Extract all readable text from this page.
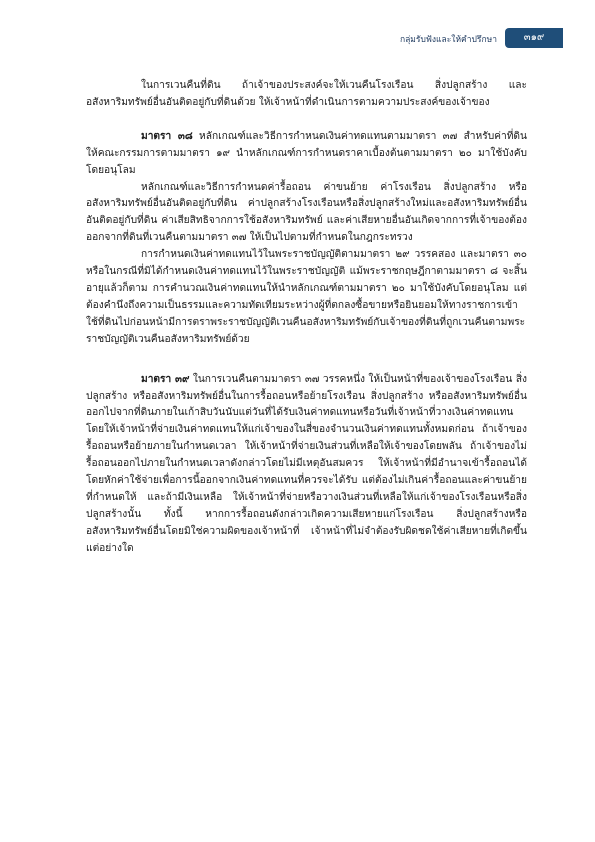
กลุ่มรับฟังและให้คำปรึกษา	๓๑๙

ในการเวนคืนที่ดิน ถ้าเจ้าของประสงค์จะให้เวนคืนโรงเรือน สิ่งปลูกสร้าง และอสังหาริมทรัพย์อื่นอันติดอยู่กับที่ดินด้วย ให้เจ้าหน้าที่ดำเนินการตามความประสงค์ของเจ้าของ

มาตรา ๓๘ หลักเกณฑ์และวิธีการกำหนดเงินค่าทดแทนตามมาตรา ๓๗ สำหรับค่าที่ดิน ให้คณะกรรมการตามมาตรา ๑๙ นำหลักเกณฑ์การกำหนดราคาเบื้องต้นตามมาตรา ๒๐ มาใช้บังคับโดยอนุโลม

หลักเกณฑ์และวิธีการกำหนดค่ารื้อถอน ค่าขนย้าย ค่าโรงเรือน สิ่งปลูกสร้าง หรืออสังหาริมทรัพย์อื่นอันติดอยู่กับที่ดิน ค่าปลูกสร้างโรงเรือนหรือสิ่งปลูกสร้างใหม่และอสังหาริมทรัพย์อื่นอันติดอยู่กับที่ดิน ค่าเสียสิทธิจากการใช้อสังหาริมทรัพย์ และค่าเสียหายอื่นอันเกิดจากการที่เจ้าของต้องออกจากที่ดินที่เวนคืนตามมาตรา ๓๗ ให้เป็นไปตามที่กำหนดในกฎกระทรวง

การกำหนดเงินค่าทดแทนไว้ในพระราชบัญญัติตามมาตรา ๒๙ วรรคสอง และมาตรา ๓๐ หรือในกรณีที่มิได้กำหนดเงินค่าทดแทนไว้ในพระราชบัญญัติ แม้พระราชกฤษฎีกาตามมาตรา ๘ จะสิ้นอายุแล้วก็ตาม การคำนวณเงินค่าทดแทนให้นำหลักเกณฑ์ตามมาตรา ๒๐ มาใช้บังคับโดยอนุโลม แต่ต้องคำนึงถึงความเป็นธรรมและความทัดเทียมระหว่างผู้ที่ตกลงซื้อขายหรือยินยอมให้ทางราชการเข้าใช้ที่ดินไปก่อนหน้ามีการตราพระราชบัญญัติเวนคืนอสังหาริมทรัพย์กับเจ้าของที่ดินที่ถูกเวนคืนตามพระราชบัญญัติเวนคืนอสังหาริมทรัพย์ด้วย

มาตรา ๓๙ ในการเวนคืนตามมาตรา ๓๗ วรรคหนึ่ง ให้เป็นหน้าที่ของเจ้าของโรงเรือน สิ่งปลูกสร้าง หรืออสังหาริมทรัพย์อื่นในการรื้อถอนหรือย้ายโรงเรือน สิ่งปลูกสร้าง หรืออสังหาริมทรัพย์อื่นออกไปจากที่ดินภายในเก้าสิบวันนับแต่วันที่ได้รับเงินค่าทดแทนหรือวันที่เจ้าหน้าที่วางเงินค่าทดแทน โดยให้เจ้าหน้าที่จ่ายเงินค่าทดแทนให้แก่เจ้าของในสี่ของจำนวนเงินค่าทดแทนทั้งหมดก่อน ถ้าเจ้าของรื้อถอนหรือย้ายภายในกำหนดเวลา ให้เจ้าหน้าที่จ่ายเงินส่วนที่เหลือให้เจ้าของโดยพลัน ถ้าเจ้าของไม่รื้อถอนออกไปภายในกำหนดเวลาดังกล่าวโดยไม่มีเหตุอันสมควร ให้เจ้าหน้าที่มีอำนาจเข้ารื้อถอนได้โดยหักค่าใช้จ่ายเพื่อการนี้ออกจากเงินค่าทดแทนที่ควรจะได้รับ แต่ต้องไม่เกินค่ารื้อถอนและค่าขนย้ายที่กำหนดให้ และถ้ามีเงินเหลือ ให้เจ้าหน้าที่จ่ายหรือวางเงินส่วนที่เหลือให้แก่เจ้าของโรงเรือนหรือสิ่งปลูกสร้างนั้น ทั้งนี้ หากการรื้อถอนดังกล่าวเกิดความเสียหายแก่โรงเรือน สิ่งปลูกสร้างหรืออสังหาริมทรัพย์อื่นโดยมิใช่ความผิดของเจ้าหน้าที่ เจ้าหน้าที่ไม่จำต้องรับผิดชดใช้ค่าเสียหายที่เกิดขึ้นแต่อย่างใด
